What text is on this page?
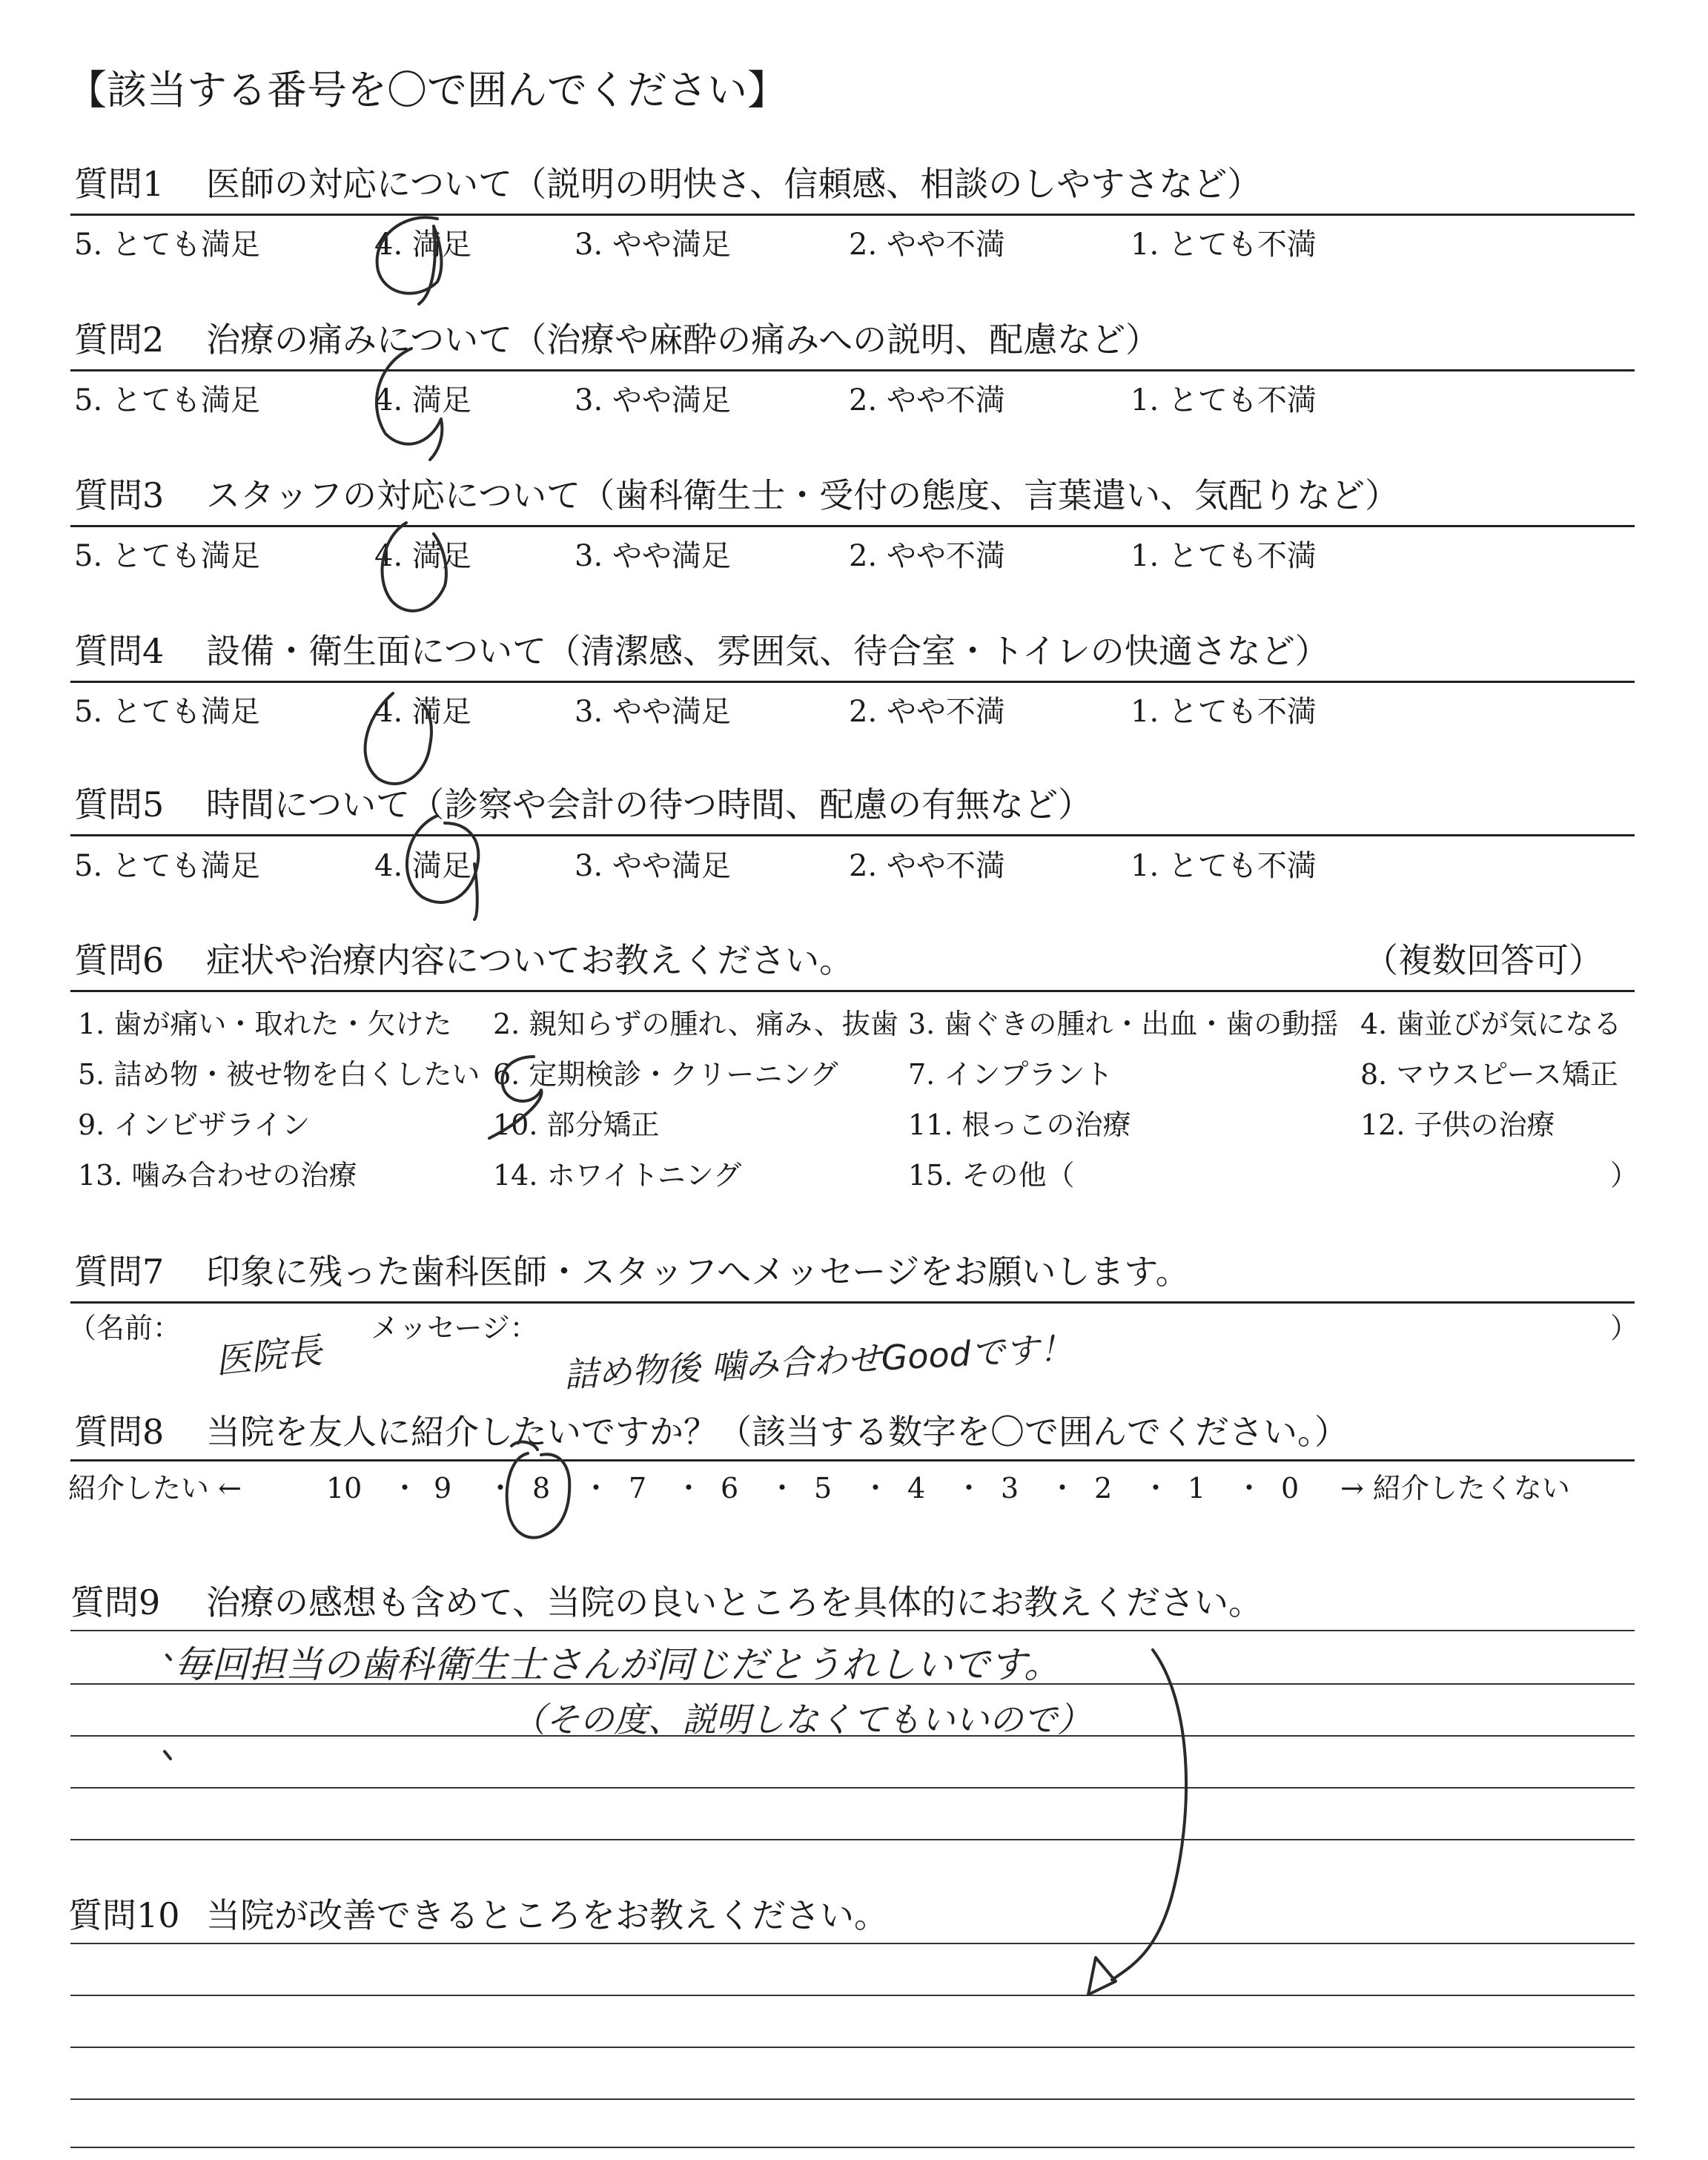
【該当する番号を〇で囲んでください】
質問1 医師の対応について（説明の明快さ、信頼感、相談のしやすさなど）
5. とても満足	4. 満足	3. やや満足	2. やや不満	1. とても不満
質問2 治療の痛みについて（治療や麻酔の痛みへの説明、配慮など）
5. とても満足	4. 満足	3. やや満足	2. やや不満	1. とても不満
質問3 スタッフの対応について（歯科衛生士・受付の態度、言葉遣い、気配りなど）
5. とても満足	4. 満足	3. やや満足	2. やや不満	1. とても不満
質問4 設備・衛生面について（清潔感、雰囲気、待合室・トイレの快適さなど）
5. とても満足	4. 満足	3. やや満足	2. やや不満	1. とても不満
質問5 時間について（診察や会計の待つ時間、配慮の有無など）
5. とても満足	4. 満足	3. やや満足	2. やや不満	1. とても不満
質問6 症状や治療内容についてお教えください。	（複数回答可）
1. 歯が痛い・取れた・欠けた 2. 親知らずの腫れ、痛み、抜歯 3. 歯ぐきの腫れ・出血・歯の動揺 4. 歯並びが気になる
5. 詰め物・被せ物を白くしたい 6. 定期検診・クリーニング 7. インプラント	8. マウスピース矯正
9. インビザライン	10. 部分矯正	11. 根っこの治療	12. 子供の治療
13. 噛み合わせの治療	14. ホワイトニング	15. その他（	）
質問7 印象に残った歯科医師・スタッフへメッセージをお願いします。
（名前：
医院長
メッセージ：
詰め物後 噛み合わせGoodです！
）
質問8 当院を友人に紹介したいですか？（該当する数字を〇で囲んでください。）
紹介したい ←	→ 紹介したくない
10	9	8	7	6	5	4	3	2	1	0
・ ・ ・ ・ ・ ・ ・ ・ ・ ・
質問9 治療の感想も含めて、当院の良いところを具体的にお教えください。
毎回担当の歯科衛生士さんが同じだとうれしいです。
（その度、説明しなくてもいいので）
質問10 当院が改善できるところをお教えください。
